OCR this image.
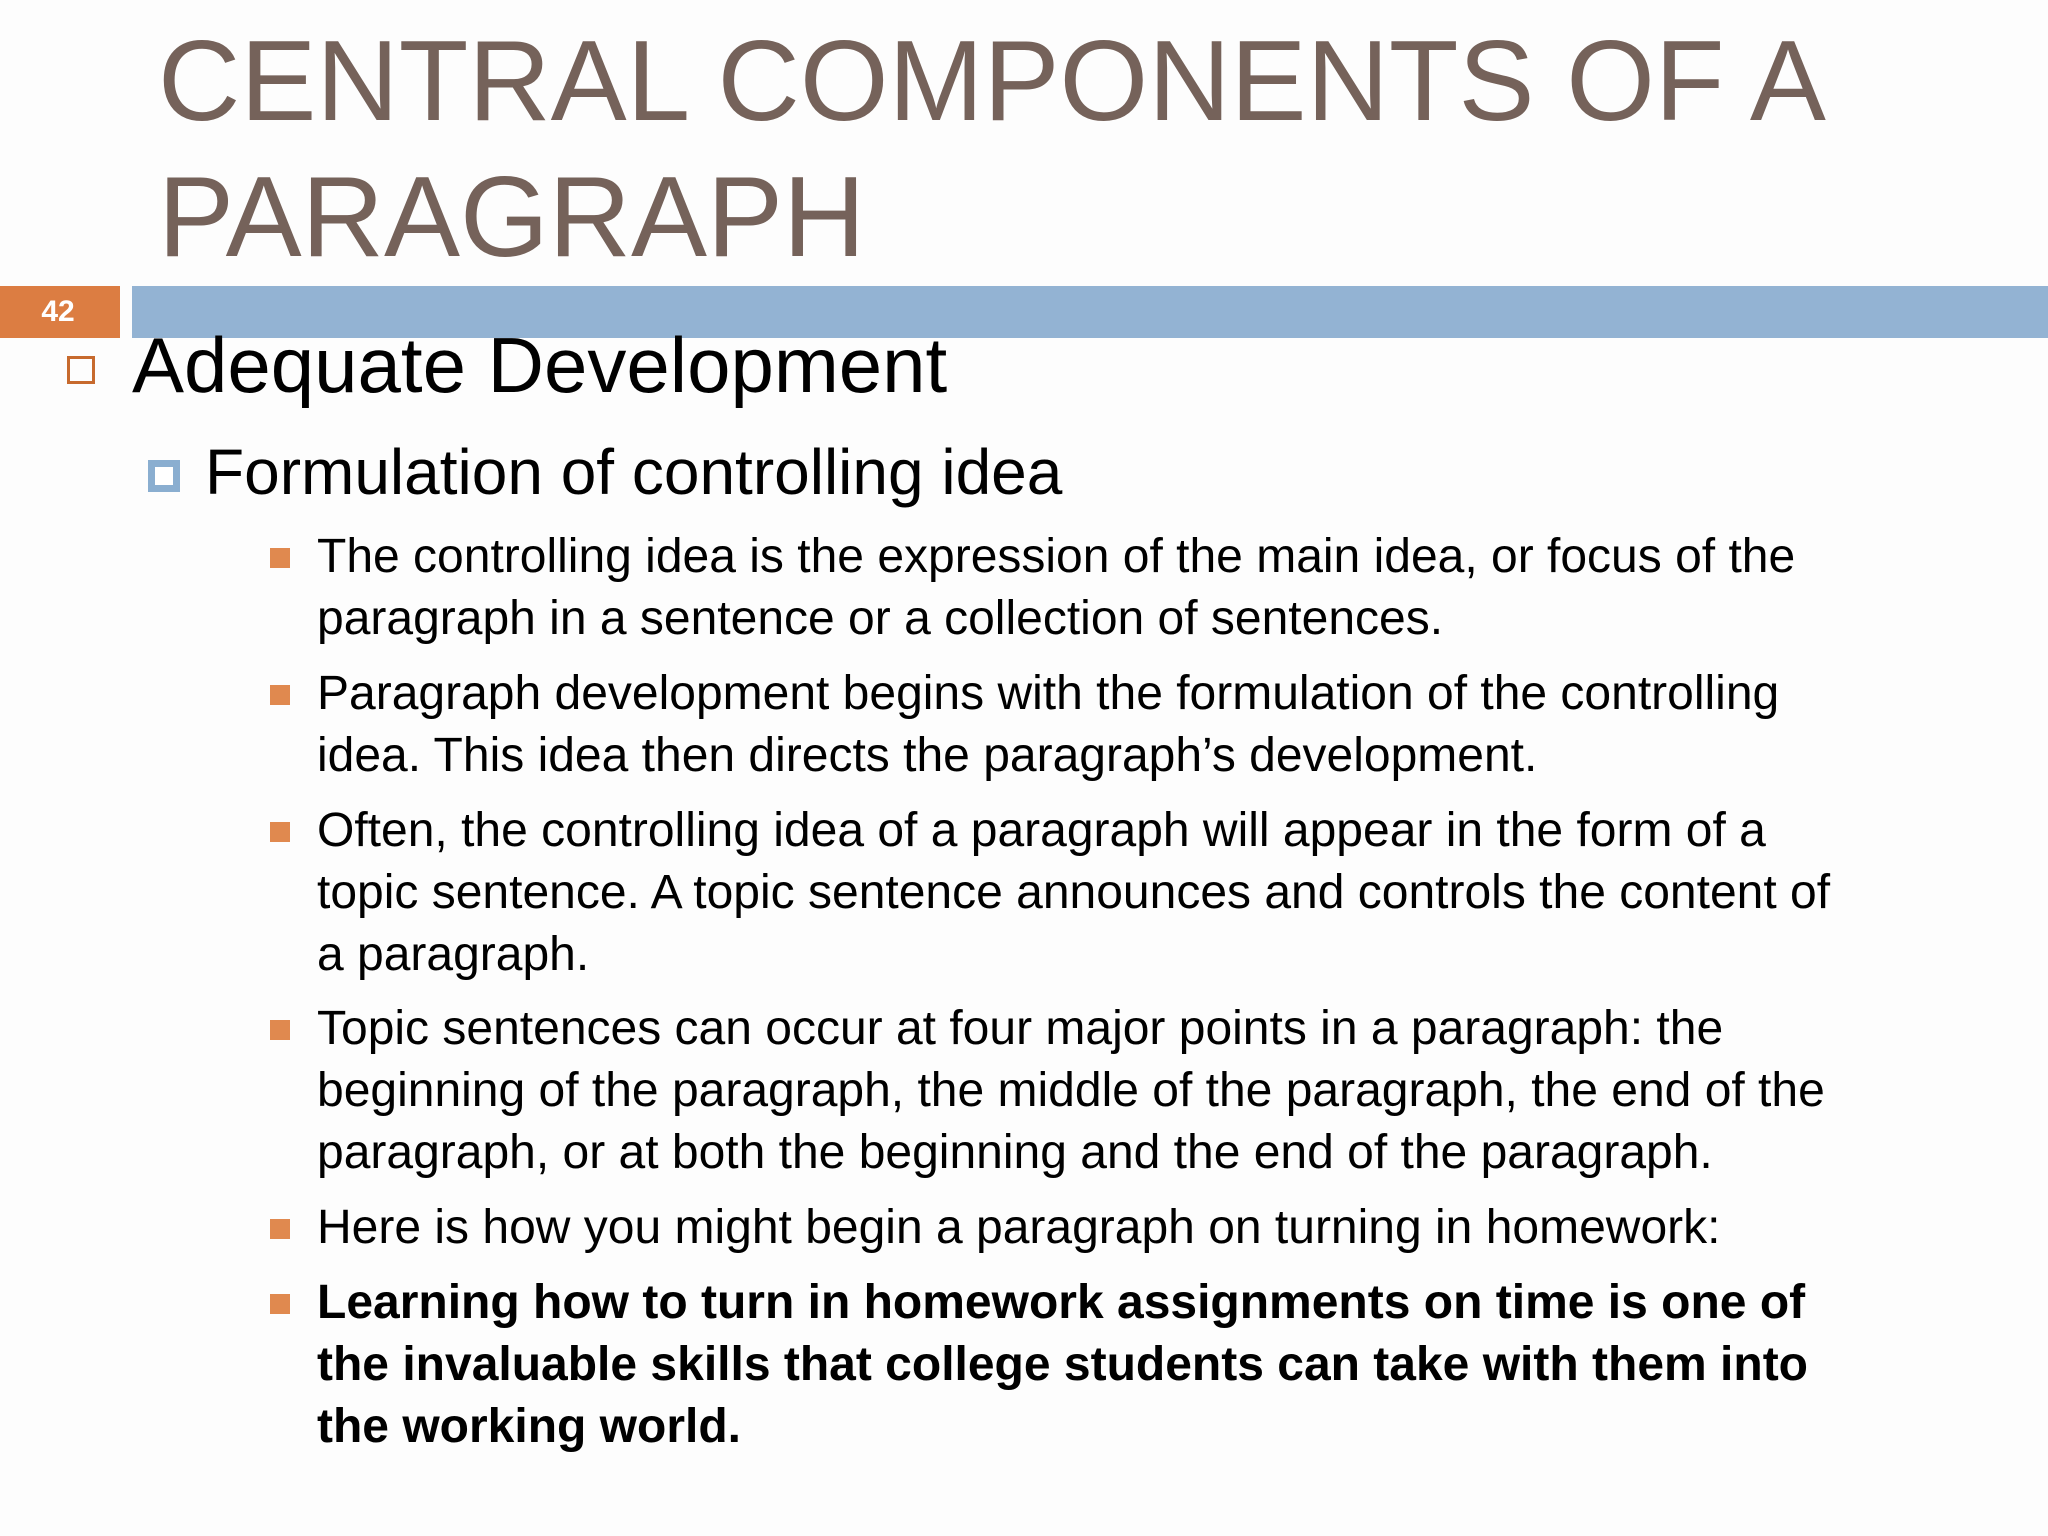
CENTRAL COMPONENTS OF A
PARAGRAPH
42
Adequate Development
Formulation of controlling idea
The controlling idea is the expression of the main idea, or focus of the
paragraph in a sentence or a collection of sentences.
Paragraph development begins with the formulation of the controlling
idea. This idea then directs the paragraph’s development.
Often, the controlling idea of a paragraph will appear in the form of a
topic sentence. A topic sentence announces and controls the content of
a paragraph.
Topic sentences can occur at four major points in a paragraph: the
beginning of the paragraph, the middle of the paragraph, the end of the
paragraph, or at both the beginning and the end of the paragraph.
Here is how you might begin a paragraph on turning in homework:
Learning how to turn in homework assignments on time is one of
the invaluable skills that college students can take with them into
the working world.
